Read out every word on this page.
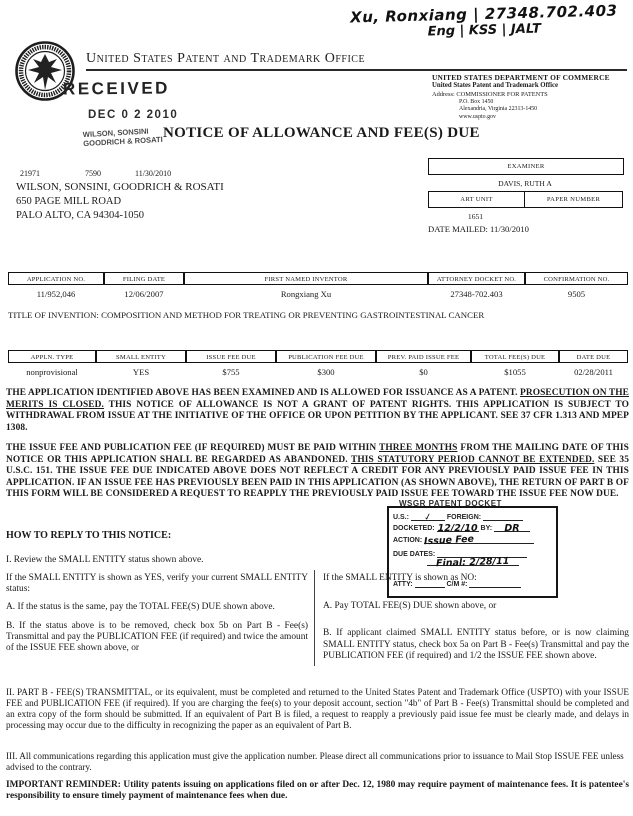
Xu, Ronxiang | 27348.702.403
Eng | KSS | JALT
United States Patent and Trademark Office
UNITED STATES DEPARTMENT OF COMMERCE
United States Patent and Trademark Office
Address: COMMISSIONER FOR PATENTS
P.O. Box 1450
Alexandria, Virginia 22313-1450
www.uspto.gov
RECEIVED
DEC 0 2 2010
WILSON, SONSINI
GOODRICH & ROSATI
NOTICE OF ALLOWANCE AND FEE(S) DUE
21971	7590	11/30/2010
WILSON, SONSINI, GOODRICH & ROSATI
650 PAGE MILL ROAD
PALO ALTO, CA 94304-1050
EXAMINER
DAVIS, RUTH A
ART UNIT	PAPER NUMBER
1651
DATE MAILED: 11/30/2010
APPLICATION NO.	FILING DATE	FIRST NAMED INVENTOR	ATTORNEY DOCKET NO.	CONFIRMATION NO.
11/952,046	12/06/2007	Rongxiang Xu	27348-702.403	9505
TITLE OF INVENTION: COMPOSITION AND METHOD FOR TREATING OR PREVENTING GASTROINTESTINAL CANCER
APPLN. TYPE	SMALL ENTITY	ISSUE FEE DUE	PUBLICATION FEE DUE	PREV. PAID ISSUE FEE	TOTAL FEE(S) DUE	DATE DUE
nonprovisional	YES	$755	$300	$0	$1055	02/28/2011
THE APPLICATION IDENTIFIED ABOVE HAS BEEN EXAMINED AND IS ALLOWED FOR ISSUANCE AS A PATENT. PROSECUTION ON THE MERITS IS CLOSED. THIS NOTICE OF ALLOWANCE IS NOT A GRANT OF PATENT RIGHTS. THIS APPLICATION IS SUBJECT TO WITHDRAWAL FROM ISSUE AT THE INITIATIVE OF THE OFFICE OR UPON PETITION BY THE APPLICANT. SEE 37 CFR 1.313 AND MPEP 1308.
THE ISSUE FEE AND PUBLICATION FEE (IF REQUIRED) MUST BE PAID WITHIN THREE MONTHS FROM THE MAILING DATE OF THIS NOTICE OR THIS APPLICATION SHALL BE REGARDED AS ABANDONED. THIS STATUTORY PERIOD CANNOT BE EXTENDED. SEE 35 U.S.C. 151. THE ISSUE FEE DUE INDICATED ABOVE DOES NOT REFLECT A CREDIT FOR ANY PREVIOUSLY PAID ISSUE FEE IN THIS APPLICATION. IF AN ISSUE FEE HAS PREVIOUSLY BEEN PAID IN THIS APPLICATION (AS SHOWN ABOVE), THE RETURN OF PART B OF THIS FORM WILL BE CONSIDERED A REQUEST TO REAPPLY THE PREVIOUSLY PAID ISSUE FEE TOWARD THE ISSUE FEE NOW DUE.
WSGR PATENT DOCKET
U.S.: ✓ FOREIGN:
DOCKETED: 12/2/10 BY: DR
ACTION: Issue Fee
DUE DATES:
Final: 2/28/11
ATTY:	C/M #:
HOW TO REPLY TO THIS NOTICE:
I. Review the SMALL ENTITY status shown above.
If the SMALL ENTITY is shown as YES, verify your current SMALL ENTITY status:
A. If the status is the same, pay the TOTAL FEE(S) DUE shown above.
B. If the status above is to be removed, check box 5b on Part B - Fee(s) Transmittal and pay the PUBLICATION FEE (if required) and twice the amount of the ISSUE FEE shown above, or
If the SMALL ENTITY is shown as NO:
A. Pay TOTAL FEE(S) DUE shown above, or
B. If applicant claimed SMALL ENTITY status before, or is now claiming SMALL ENTITY status, check box 5a on Part B - Fee(s) Transmittal and pay the PUBLICATION FEE (if required) and 1/2 the ISSUE FEE shown above.
II. PART B - FEE(S) TRANSMITTAL, or its equivalent, must be completed and returned to the United States Patent and Trademark Office (USPTO) with your ISSUE FEE and PUBLICATION FEE (if required). If you are charging the fee(s) to your deposit account, section "4b" of Part B - Fee(s) Transmittal should be completed and an extra copy of the form should be submitted. If an equivalent of Part B is filed, a request to reapply a previously paid issue fee must be clearly made, and delays in processing may occur due to the difficulty in recognizing the paper as an equivalent of Part B.
III. All communications regarding this application must give the application number. Please direct all communications prior to issuance to Mail Stop ISSUE FEE unless advised to the contrary.
IMPORTANT REMINDER: Utility patents issuing on applications filed on or after Dec. 12, 1980 may require payment of maintenance fees. It is patentee's responsibility to ensure timely payment of maintenance fees when due.
